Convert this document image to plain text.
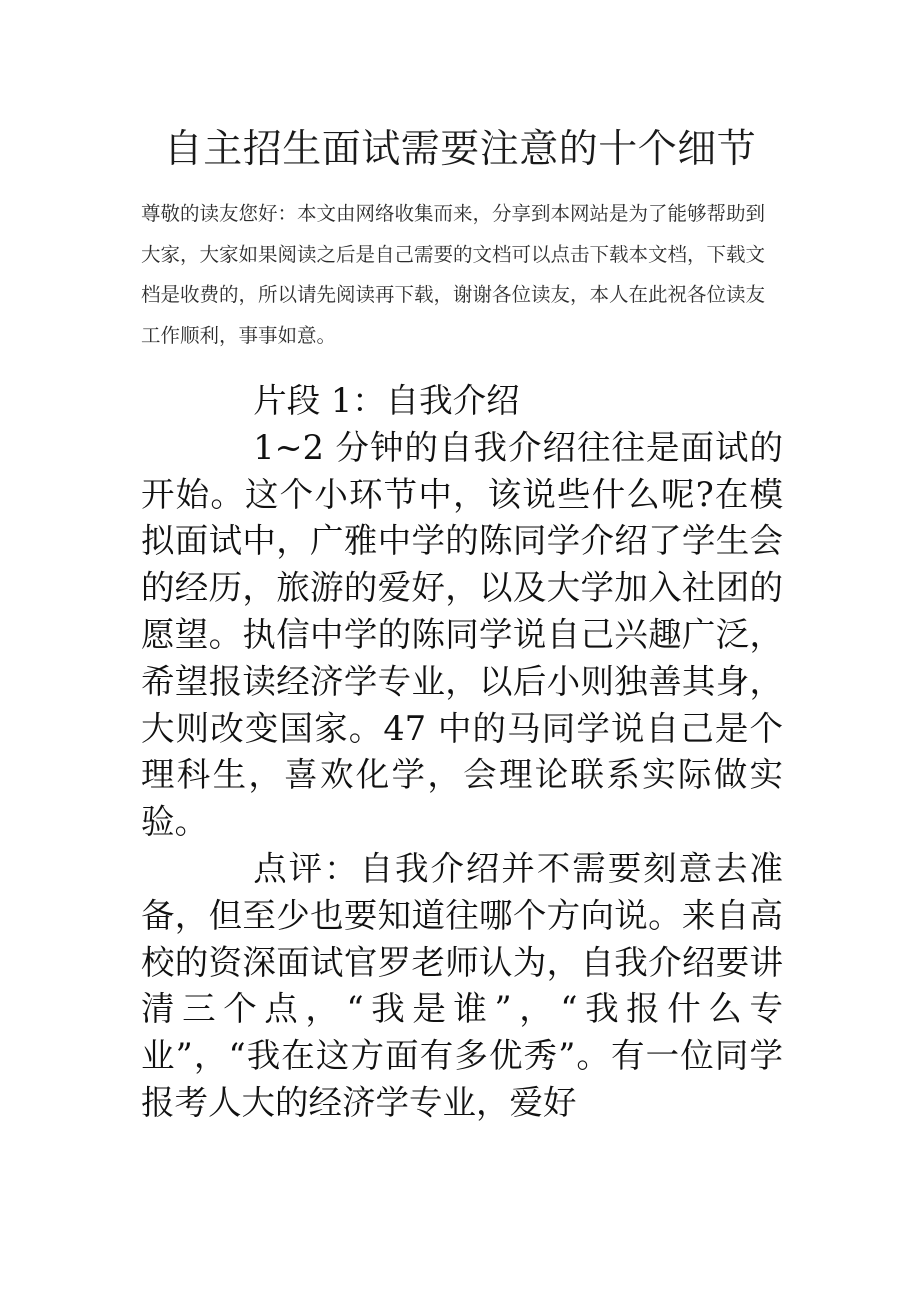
自主招生面试需要注意的十个细节

尊敬的读友您好：本文由网络收集而来，分享到本网站是为了能够帮助到大家，大家如果阅读之后是自己需要的文档可以点击下载本文档，下载文档是收费的，所以请先阅读再下载，谢谢各位读友，本人在此祝各位读友工作顺利，事事如意。

片段 1：自我介绍

1~2 分钟的自我介绍往往是面试的开始。这个小环节中，该说些什么呢?在模拟面试中，广雅中学的陈同学介绍了学生会的经历，旅游的爱好，以及大学加入社团的愿望。执信中学的陈同学说自己兴趣广泛，希望报读经济学专业，以后小则独善其身，大则改变国家。47 中的马同学说自己是个理科生，喜欢化学，会理论联系实际做实验。

点评：自我介绍并不需要刻意去准备，但至少也要知道往哪个方向说。来自高校的资深面试官罗老师认为，自我介绍要讲清三个点，“我是谁”，“我报什么专业”，“我在这方面有多优秀”。有一位同学报考人大的经济学专业，爱好
